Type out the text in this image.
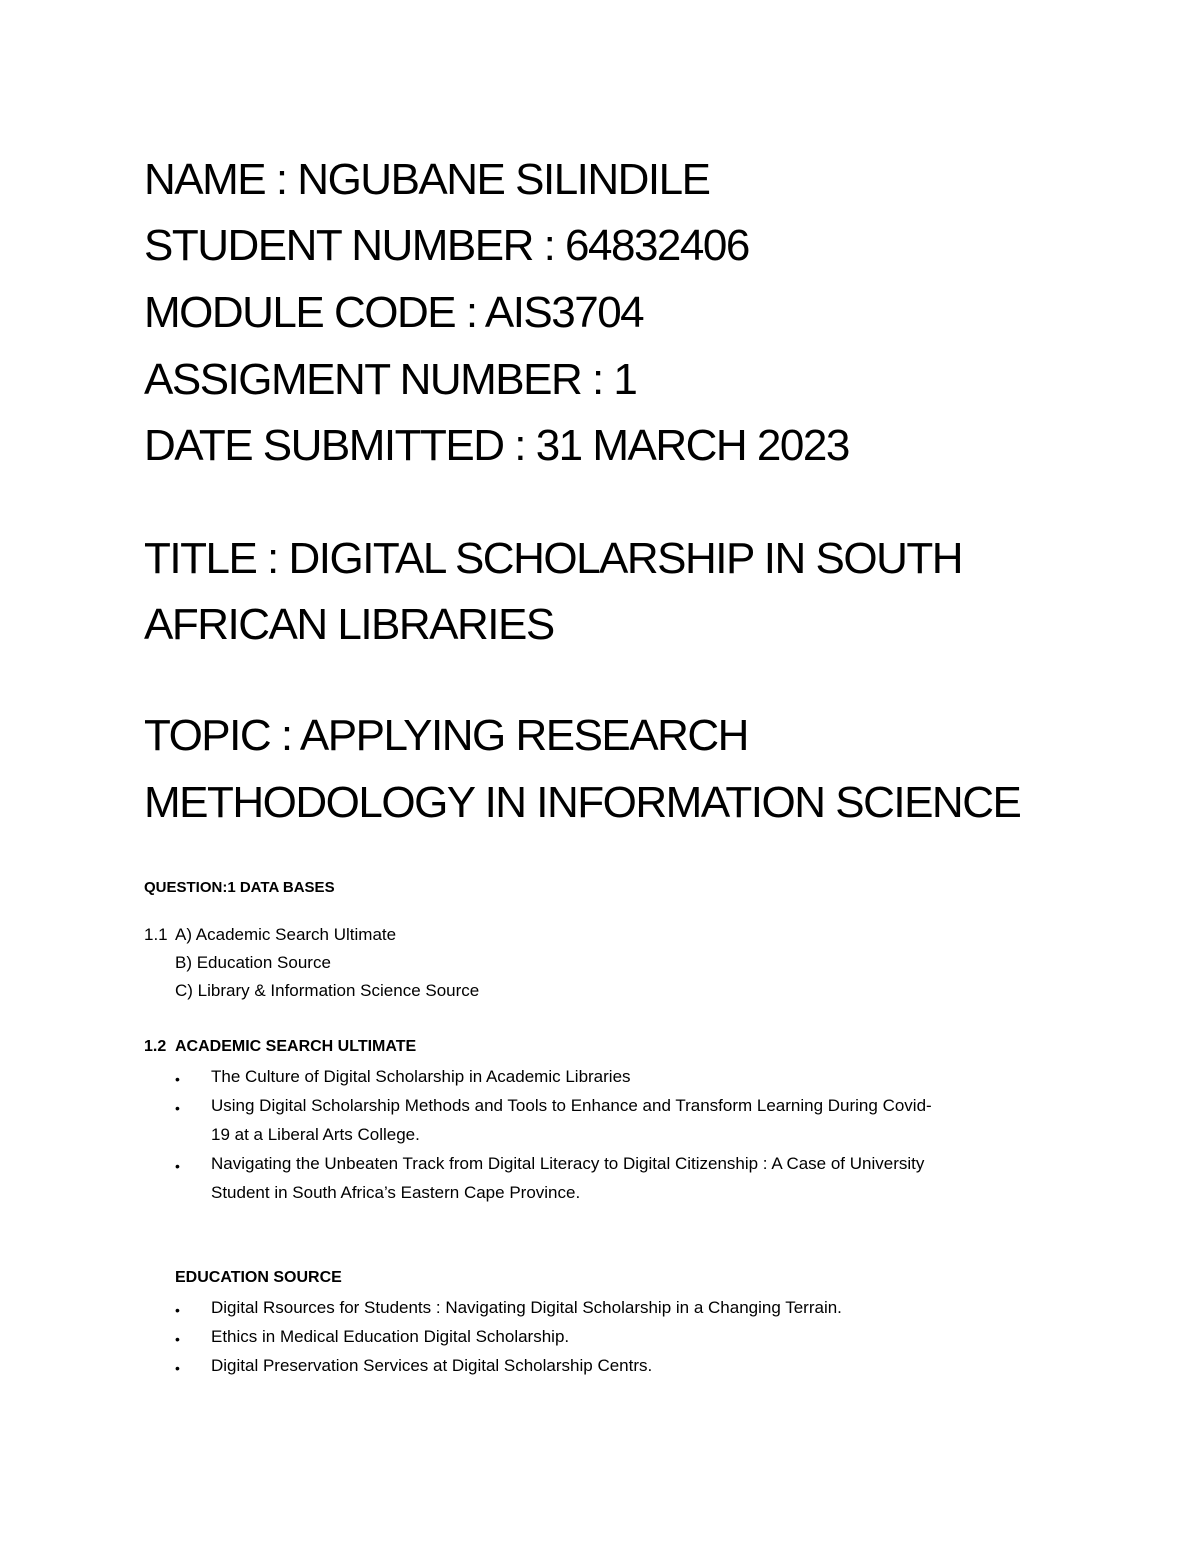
NAME : NGUBANE SILINDILE
STUDENT NUMBER : 64832406
MODULE CODE : AIS3704
ASSIGMENT NUMBER : 1
DATE SUBMITTED : 31 MARCH 2023
TITLE : DIGITAL SCHOLARSHIP IN SOUTH
AFRICAN LIBRARIES
TOPIC : APPLYING RESEARCH
METHODOLOGY IN INFORMATION SCIENCE
QUESTION:1 DATA BASES
1.1 A) Academic Search Ultimate
B) Education Source
C) Library & Information Science Source
1.2 ACADEMIC SEARCH ULTIMATE
• The Culture of Digital Scholarship in Academic Libraries
• Using Digital Scholarship Methods and Tools to Enhance and Transform Learning During Covid-
19 at a Liberal Arts College.
• Navigating the Unbeaten Track from Digital Literacy to Digital Citizenship : A Case of University
Student in South Africa’s Eastern Cape Province.
EDUCATION SOURCE
• Digital Rsources for Students : Navigating Digital Scholarship in a Changing Terrain.
• Ethics in Medical Education Digital Scholarship.
• Digital Preservation Services at Digital Scholarship Centrs.
